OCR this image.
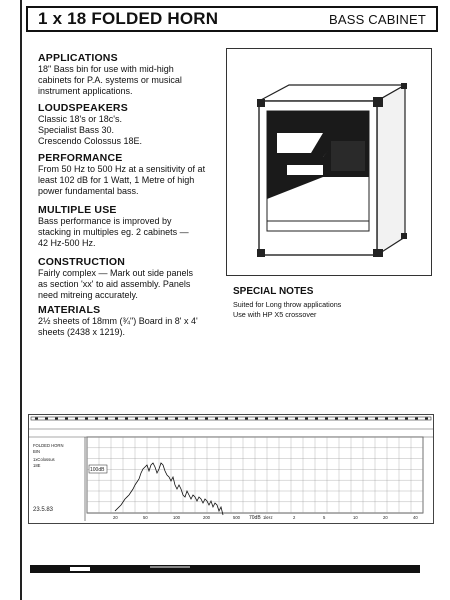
1 x 18 FOLDED HORN	BASS CABINET
APPLICATIONS

18" Bass bin for use with mid-high

cabinets for P.A. systems or musical

instrument applications.

LOUDSPEAKERS

Classic 18's or 18c's.

Specialist Bass 30.

Crescendo Colossus 18E.

PERFORMANCE

From 50 Hz to 500 Hz at a sensitivity of at

least 102 dB for 1 Watt, 1 Metre of high

power fundamental bass.

MULTIPLE USE

Bass performance is improved by

stacking in multiples eg. 2 cabinets —

42 Hz-500 Hz.

CONSTRUCTION

Fairly complex — Mark out side panels

as section 'xx' to aid assembly. Panels

need mitreing accurately.

MATERIALS

2½ sheets of 18mm (¾") Board in 8' x 4'

sheets (2438 x 1219).

SPECIAL NOTES

Suited for Long throw applications

Use with HP X5 crossover

FOLDED HORN
BIN
1xColossus
18E
23.5.83
100dB
20	50	100	200	500	1kHz	2	5	10	20	40
70dB
